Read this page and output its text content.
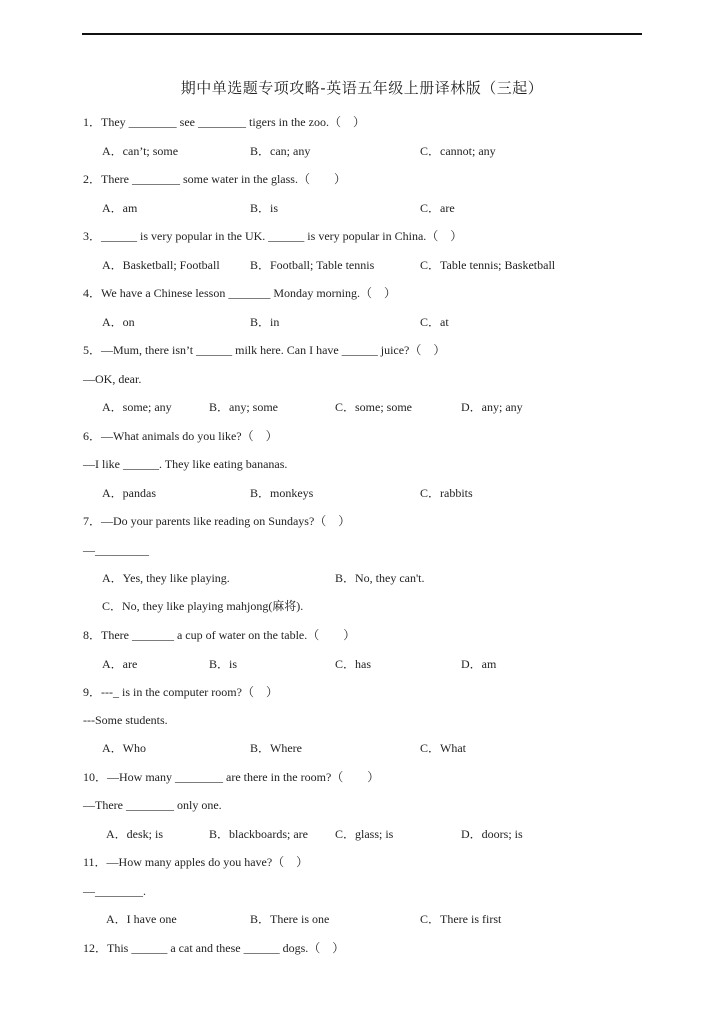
期中单选题专项攻略-英语五年级上册译林版（三起）
1．They ________ see ________ tigers in the zoo.（　）
A．can’t; some	B．can; any	C．cannot; any
2．There ________ some water in the glass.（　　）
A．am	B．is	C．are
3．______ is very popular in the UK. ______ is very popular in China.（　）
A．Basketball; Football	B．Football; Table tennis	C．Table tennis; Basketball
4．We have a Chinese lesson _______ Monday morning.（　）
A．on	B．in	C．at
5．—Mum, there isn’t ______ milk here. Can I have ______ juice?（　）
—OK, dear.
A．some; any	B．any; some	C．some; some	D．any; any
6．—What animals do you like?（　）
—I like ______. They like eating bananas.
A．pandas	B．monkeys	C．rabbits
7．—Do your parents like reading on Sundays?（　）
—_________
A．Yes, they like playing.	B．No, they can't.
C．No, they like playing mahjong(麻将).
8．There _______ a cup of water on the table.（　　）
A．are	B．is	C．has	D．am
9．---_ is in the computer room?（　）
---Some students.
A．Who	B．Where	C．What
10．—How many ________ are there in the room?（　　）
—There ________ only one.
A．desk; is	B．blackboards; are C．glass; is	D．doors; is
11．—How many apples do you have?（　）
—________.
A．I have one	B．There is one	C．There is first
12．This ______ a cat and these ______ dogs.（　）
